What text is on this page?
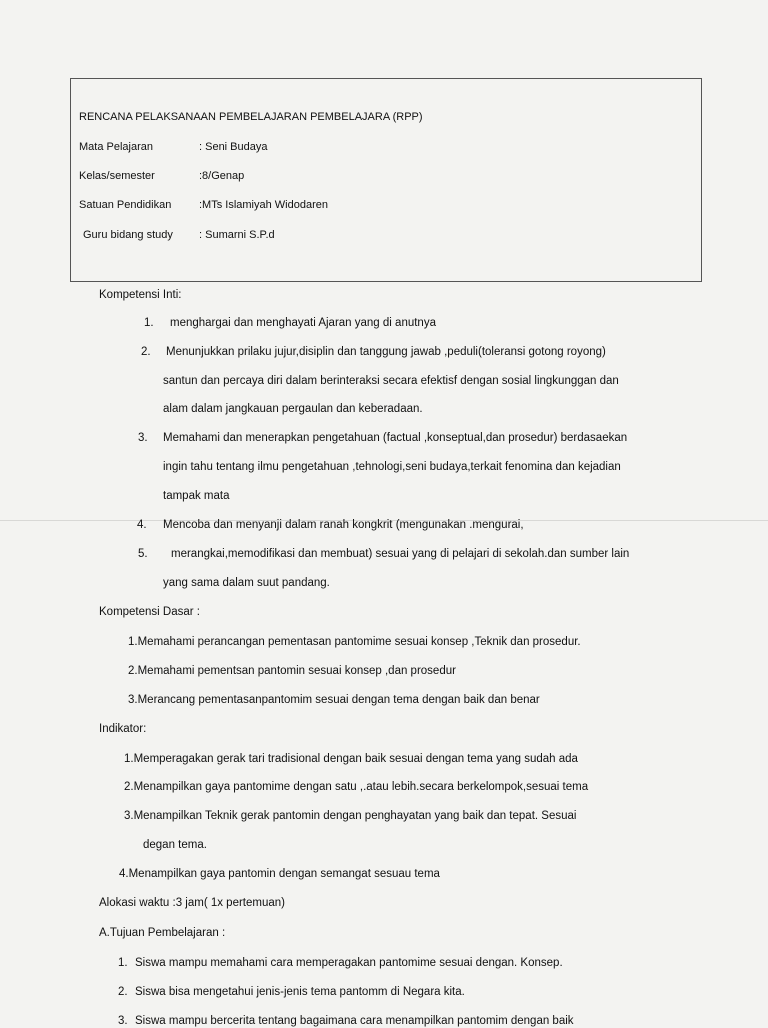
RENCANA PELAKSANAAN PEMBELAJARAN PEMBELAJARA (RPP)
Mata Pelajaran	: Seni Budaya
Kelas/semester	:8/Genap
Satuan Pendidikan	:MTs Islamiyah Widodaren
Guru bidang study : Sumarni S.P.d
Kompetensi Inti:
1. menghargai dan menghayati Ajaran yang di anutnya
2. Menunjukkan prilaku jujur,disiplin dan tanggung jawab ,peduli(toleransi gotong royong)
santun dan percaya diri dalam berinteraksi secara efektisf dengan sosial lingkunggan dan
alam dalam jangkauan pergaulan dan keberadaan.
3. Memahami dan menerapkan pengetahuan (factual ,konseptual,dan prosedur) berdasaekan
ingin tahu tentang ilmu pengetahuan ,tehnologi,seni budaya,terkait fenomina dan kejadian
tampak mata
4. Mencoba dan menyanji dalam ranah kongkrit (mengunakan .mengurai,
5. merangkai,memodifikasi dan membuat) sesuai yang di pelajari di sekolah.dan sumber lain
yang sama dalam suut pandang.
Kompetensi Dasar :
1.Memahami perancangan pementasan pantomime sesuai konsep ,Teknik dan prosedur.
2.Memahami pementsan pantomin sesuai konsep ,dan prosedur
3.Merancang pementasanpantomim sesuai dengan tema dengan baik dan benar
Indikator:
1.Memperagakan gerak tari tradisional dengan baik sesuai dengan tema yang sudah ada
2.Menampilkan gaya pantomime dengan satu ,.atau lebih.secara berkelompok,sesuai tema
3.Menampilkan Teknik gerak pantomin dengan penghayatan yang baik dan tepat. Sesuai
degan tema.
4.Menampilkan gaya pantomin dengan semangat sesuau tema
Alokasi waktu :3 jam( 1x pertemuan)
A.Tujuan Pembelajaran :
1. Siswa mampu memahami cara memperagakan pantomime sesuai dengan. Konsep.
2. Siswa bisa mengetahui jenis-jenis tema pantomm di Negara kita.
3. Siswa mampu bercerita tentang bagaimana cara menampilkan pantomim dengan baik
